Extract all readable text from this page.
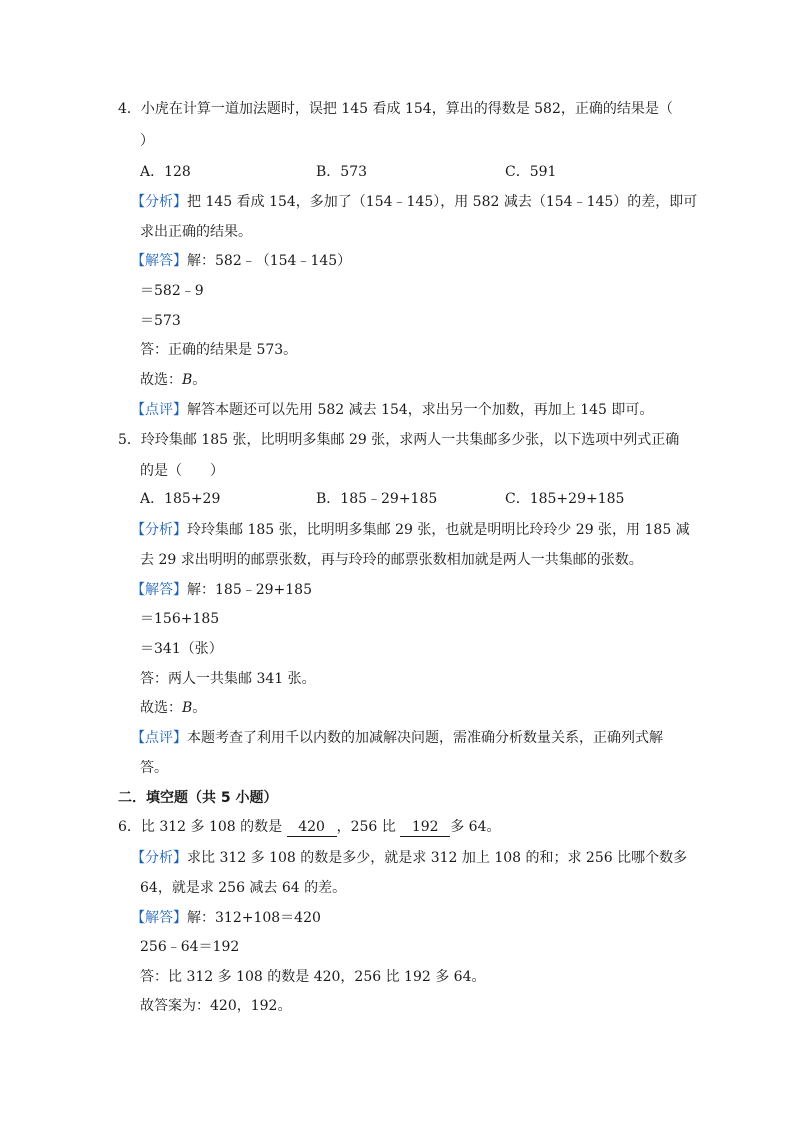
4．小虎在计算一道加法题时，误把 145 看成 154，算出的得数是 582，正确的结果是（
）
A．128	B．573	C．591
【分析】把 145 看成 154，多加了（154﹣145），用 582 减去（154﹣145）的差，即可
求出正确的结果。
【解答】解：582﹣（154﹣145）
＝582﹣9
＝573
答：正确的结果是 573。
故选：B。
【点评】解答本题还可以先用 582 减去 154，求出另一个加数，再加上 145 即可。
5．玲玲集邮 185 张，比明明多集邮 29 张，求两人一共集邮多少张，以下选项中列式正确
的是（　　）
A．185+29	B．185﹣29+185	C．185+29+185
【分析】玲玲集邮 185 张，比明明多集邮 29 张，也就是明明比玲玲少 29 张，用 185 减
去 29 求出明明的邮票张数，再与玲玲的邮票张数相加就是两人一共集邮的张数。
【解答】解：185﹣29+185
＝156+185
＝341（张）
答：两人一共集邮 341 张。
故选：B。
【点评】本题考查了利用千以内数的加减解决问题，需准确分析数量关系，正确列式解
答。
二．填空题（共 5 小题）
6．比 312 多 108 的数是 420 ，256 比 192 多 64。
【分析】求比 312 多 108 的数是多少，就是求 312 加上 108 的和；求 256 比哪个数多
64，就是求 256 减去 64 的差。
【解答】解：312+108＝420
256﹣64＝192
答：比 312 多 108 的数是 420，256 比 192 多 64。
故答案为：420，192。
